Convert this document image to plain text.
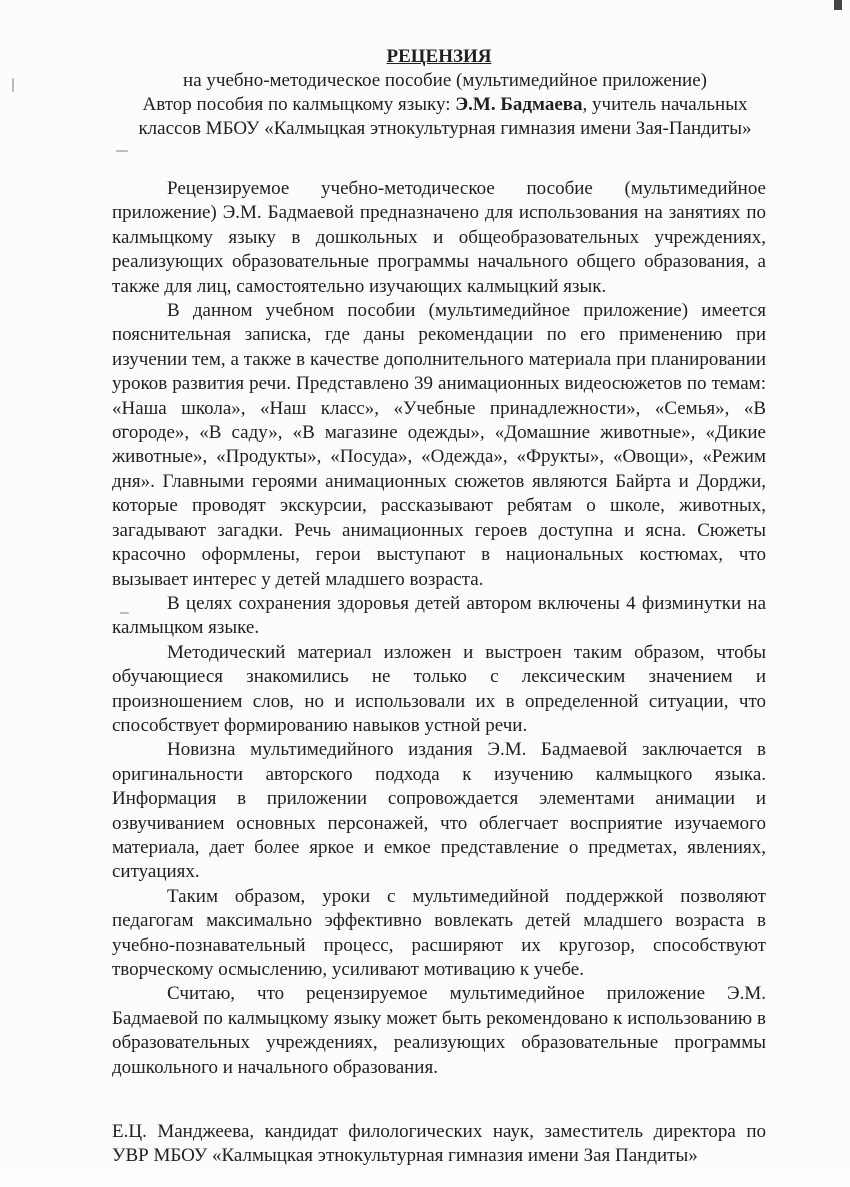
РЕЦЕНЗИЯ

на учебно-методическое пособие (мультимедийное приложение)
Автор пособия по калмыцкому языку: Э.М. Бадмаева, учитель начальных классов МБОУ «Калмыцкая этнокультурная гимназия имени Зая-Пандиты»

Рецензируемое учебно-методическое пособие (мультимедийное приложение) Э.М. Бадмаевой предназначено для использования на занятиях по калмыцкому языку в дошкольных и общеобразовательных учреждениях, реализующих образовательные программы начального общего образования, а также для лиц, самостоятельно изучающих калмыцкий язык.

В данном учебном пособии (мультимедийное приложение) имеется пояснительная записка, где даны рекомендации по его применению при изучении тем, а также в качестве дополнительного материала при планировании уроков развития речи. Представлено 39 анимационных видеосюжетов по темам: «Наша школа», «Наш класс», «Учебные принадлежности», «Семья», «В огороде», «В саду», «В магазине одежды», «Домашние животные», «Дикие животные», «Продукты», «Посуда», «Одежда», «Фрукты», «Овощи», «Режим дня». Главными героями анимационных сюжетов являются Байрта и Дорджи, которые проводят экскурсии, рассказывают ребятам о школе, животных, загадывают загадки. Речь анимационных героев доступна и ясна. Сюжеты красочно оформлены, герои выступают в национальных костюмах, что вызывает интерес у детей младшего возраста.

В целях сохранения здоровья детей автором включены 4 физминутки на калмыцком языке.

Методический материал изложен и выстроен таким образом, чтобы обучающиеся знакомились не только с лексическим значением и произношением слов, но и использовали их в определенной ситуации, что способствует формированию навыков устной речи.

Новизна мультимедийного издания Э.М. Бадмаевой заключается в оригинальности авторского подхода к изучению калмыцкого языка. Информация в приложении сопровождается элементами анимации и озвучиванием основных персонажей, что облегчает восприятие изучаемого материала, дает более яркое и емкое представление о предметах, явлениях, ситуациях.

Таким образом, уроки с мультимедийной поддержкой позволяют педагогам максимально эффективно вовлекать детей младшего возраста в учебно-познавательный процесс, расширяют их кругозор, способствуют творческому осмыслению, усиливают мотивацию к учебе.

Считаю, что рецензируемое мультимедийное приложение Э.М. Бадмаевой по калмыцкому языку может быть рекомендовано к использованию в образовательных учреждениях, реализующих образовательные программы дошкольного и начального образования.

Е.Ц. Манджеева, кандидат филологических наук, заместитель директора по УВР МБОУ «Калмыцкая этнокультурная гимназия имени Зая Пандиты»
